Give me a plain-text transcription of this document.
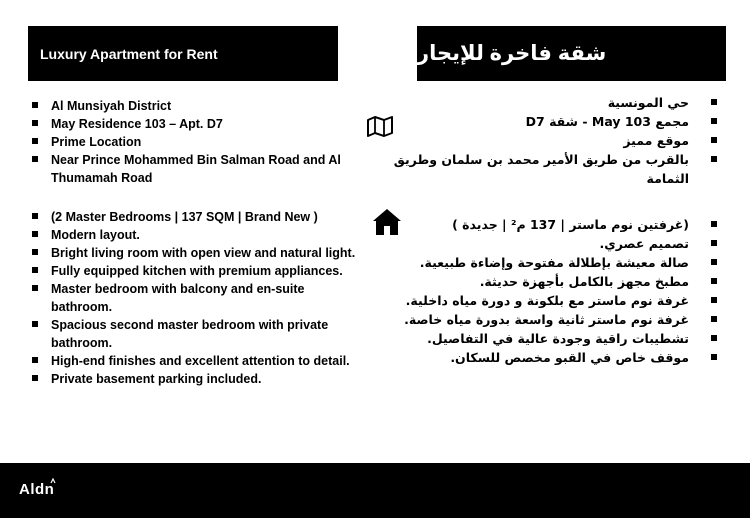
Luxury Apartment for Rent	شقة فاخرة للإيجار
Al Munsiyah District
May Residence 103 – Apt. D7
Prime Location
Near Prince Mohammed Bin Salman Road and Al Thumamah Road
(2 Master Bedrooms | 137 SQM | Brand New )
Modern layout.
Bright living room with open view and natural light.
Fully equipped kitchen with premium appliances.
Master bedroom with balcony and en-suite bathroom.
Spacious second master bedroom with private bathroom.
High-end finishes and excellent attention to detail.
Private basement parking included.
حي المونسية
مجمع May 103 - شقة D7
موقع مميز
بالقرب من طريق الأمير محمد بن سلمان وطريق الثمامة
(غرفتين نوم ماستر | 137 م² | جديدة )
تصميم عصري.
صالة معيشة بإطلالة مفتوحة وإضاءة طبيعية.
مطبخ مجهز بالكامل بأجهزة حديثة.
غرفة نوم ماستر مع بلكونة و دورة مياه داخلية.
غرفة نوم ماستر ثانية واسعة بدورة مياه خاصة.
تشطيبات راقية وجودة عالية في التفاصيل.
موقف خاص في القبو مخصص للسكان.
Aldn
